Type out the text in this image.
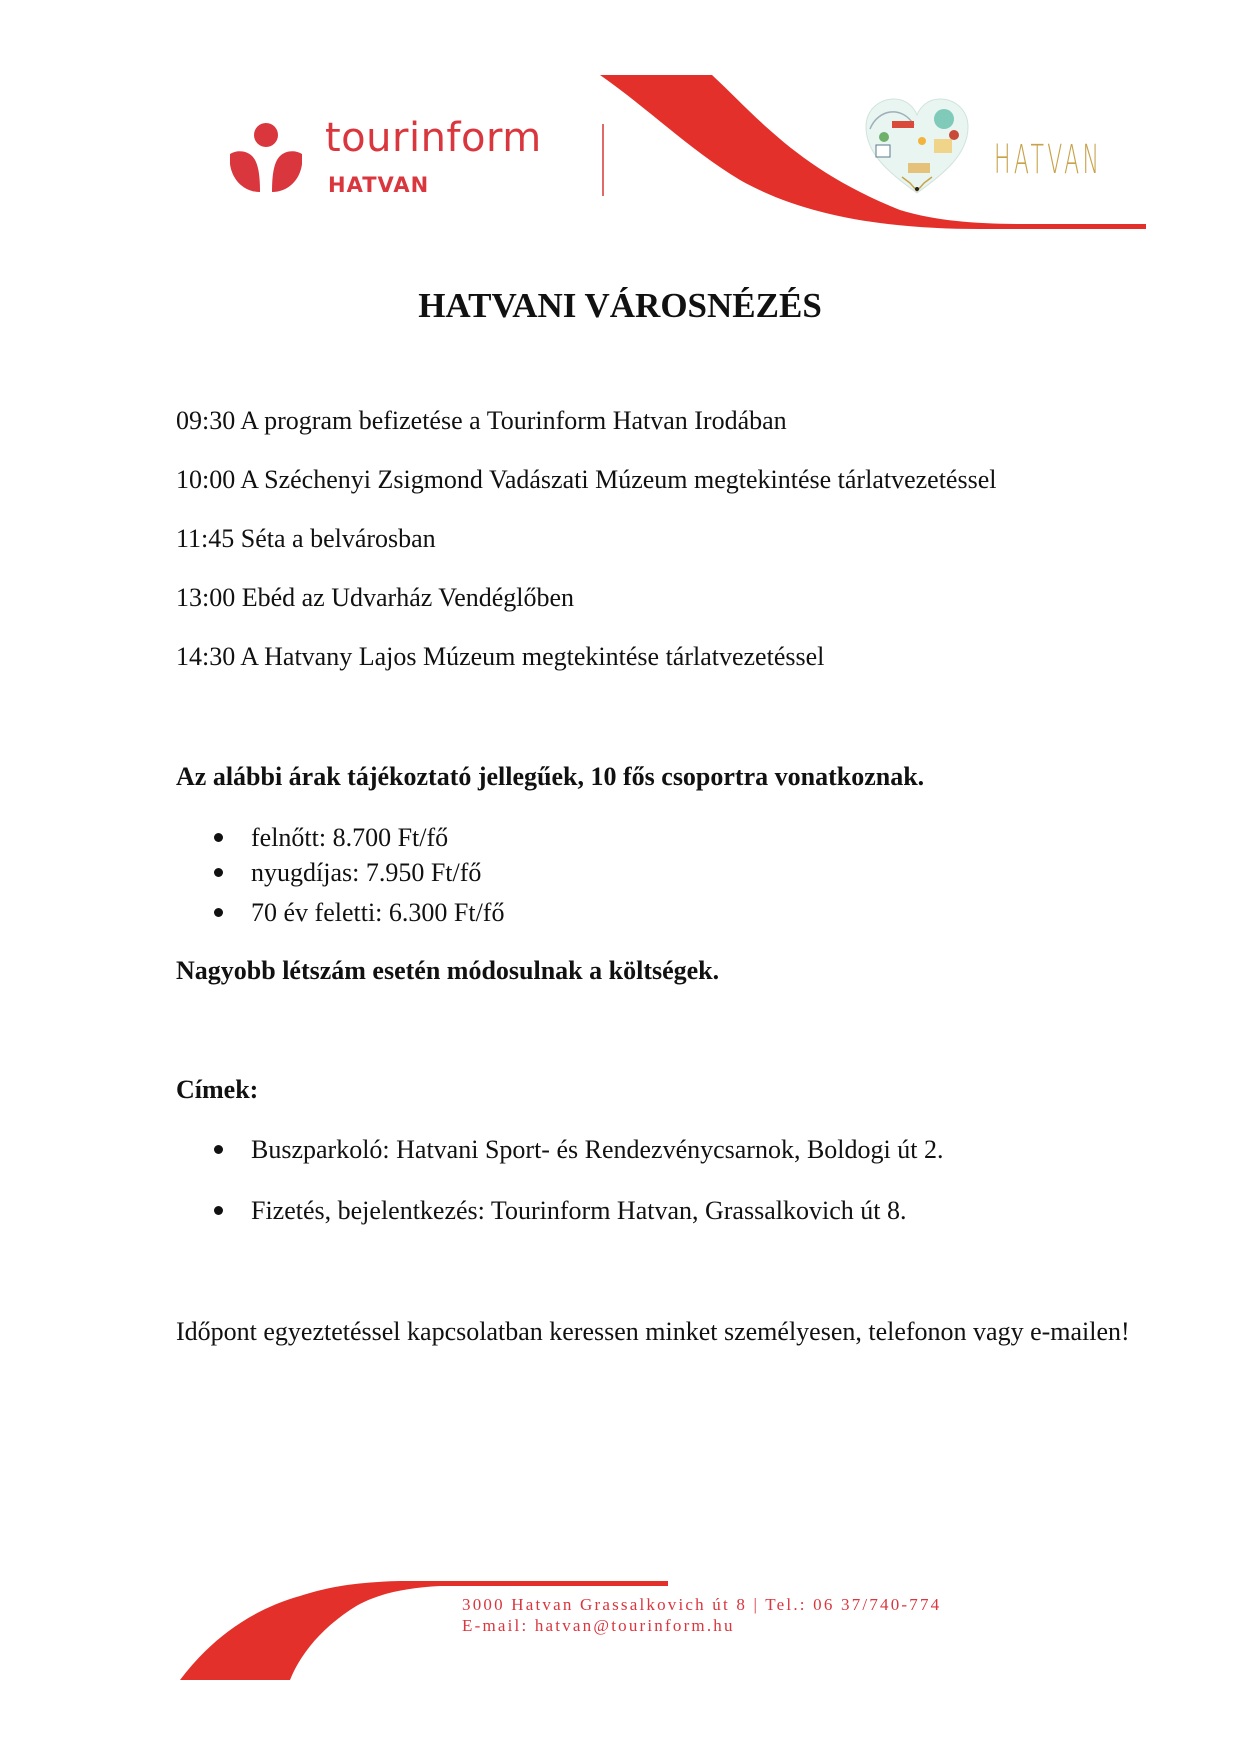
tourinform
HATVAN
HATVAN
HATVANI VÁROSNÉZÉS
09:30 A program befizetése a Tourinform Hatvan Irodában
10:00 A Széchenyi Zsigmond Vadászati Múzeum megtekintése tárlatvezetéssel
11:45 Séta a belvárosban
13:00 Ebéd az Udvarház Vendéglőben
14:30 A Hatvany Lajos Múzeum megtekintése tárlatvezetéssel
Az alábbi árak tájékoztató jellegűek, 10 fős csoportra vonatkoznak.
felnőtt: 8.700 Ft/fő
nyugdíjas: 7.950 Ft/fő
70 év feletti: 6.300 Ft/fő
Nagyobb létszám esetén módosulnak a költségek.
Címek:
Buszparkoló: Hatvani Sport- és Rendezvénycsarnok, Boldogi út 2.
Fizetés, bejelentkezés: Tourinform Hatvan, Grassalkovich út 8.
Időpont egyeztetéssel kapcsolatban keressen minket személyesen, telefonon vagy e-mailen!
3000 Hatvan Grassalkovich út 8 | Tel.: 06 37/740-774
E-mail: hatvan@tourinform.hu
